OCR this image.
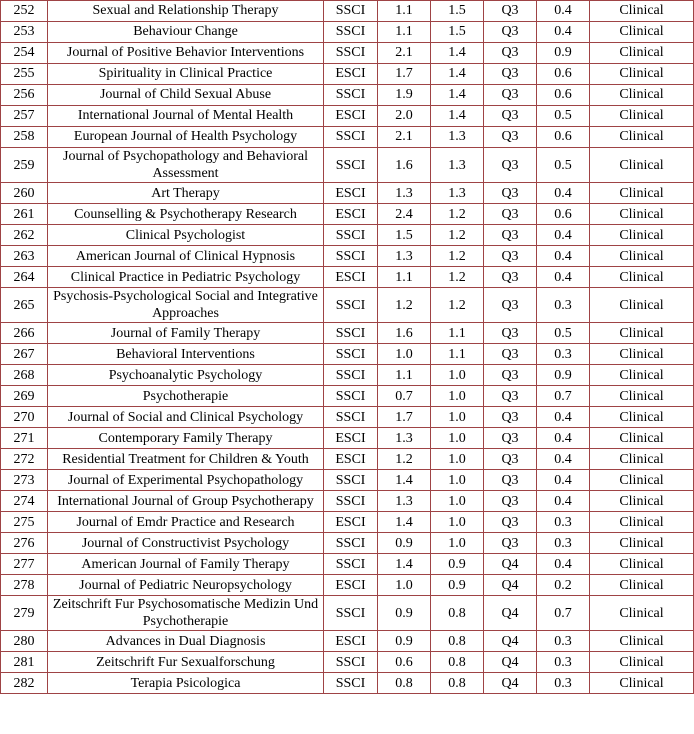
252	Sexual and Relationship Therapy	SSCI	1.1	1.5	Q3	0.4	Clinical
253	Behaviour Change	SSCI	1.1	1.5	Q3	0.4	Clinical
254	Journal of Positive Behavior Interventions	SSCI	2.1	1.4	Q3	0.9	Clinical
255	Spirituality in Clinical Practice	ESCI	1.7	1.4	Q3	0.6	Clinical
256	Journal of Child Sexual Abuse	SSCI	1.9	1.4	Q3	0.6	Clinical
257	International Journal of Mental Health	ESCI	2.0	1.4	Q3	0.5	Clinical
258	European Journal of Health Psychology	SSCI	2.1	1.3	Q3	0.6	Clinical
259	Journal of Psychopathology and Behavioral Assessment	SSCI	1.6	1.3	Q3	0.5	Clinical
260	Art Therapy	ESCI	1.3	1.3	Q3	0.4	Clinical
261	Counselling & Psychotherapy Research	ESCI	2.4	1.2	Q3	0.6	Clinical
262	Clinical Psychologist	SSCI	1.5	1.2	Q3	0.4	Clinical
263	American Journal of Clinical Hypnosis	SSCI	1.3	1.2	Q3	0.4	Clinical
264	Clinical Practice in Pediatric Psychology	ESCI	1.1	1.2	Q3	0.4	Clinical
265	Psychosis-Psychological Social and Integrative Approaches	SSCI	1.2	1.2	Q3	0.3	Clinical
266	Journal of Family Therapy	SSCI	1.6	1.1	Q3	0.5	Clinical
267	Behavioral Interventions	SSCI	1.0	1.1	Q3	0.3	Clinical
268	Psychoanalytic Psychology	SSCI	1.1	1.0	Q3	0.9	Clinical
269	Psychotherapie	SSCI	0.7	1.0	Q3	0.7	Clinical
270	Journal of Social and Clinical Psychology	SSCI	1.7	1.0	Q3	0.4	Clinical
271	Contemporary Family Therapy	ESCI	1.3	1.0	Q3	0.4	Clinical
272	Residential Treatment for Children & Youth	ESCI	1.2	1.0	Q3	0.4	Clinical
273	Journal of Experimental Psychopathology	SSCI	1.4	1.0	Q3	0.4	Clinical
274	International Journal of Group Psychotherapy	SSCI	1.3	1.0	Q3	0.4	Clinical
275	Journal of Emdr Practice and Research	ESCI	1.4	1.0	Q3	0.3	Clinical
276	Journal of Constructivist Psychology	SSCI	0.9	1.0	Q3	0.3	Clinical
277	American Journal of Family Therapy	SSCI	1.4	0.9	Q4	0.4	Clinical
278	Journal of Pediatric Neuropsychology	ESCI	1.0	0.9	Q4	0.2	Clinical
279	Zeitschrift Fur Psychosomatische Medizin Und Psychotherapie	SSCI	0.9	0.8	Q4	0.7	Clinical
280	Advances in Dual Diagnosis	ESCI	0.9	0.8	Q4	0.3	Clinical
281	Zeitschrift Fur Sexualforschung	SSCI	0.6	0.8	Q4	0.3	Clinical
282	Terapia Psicologica	SSCI	0.8	0.8	Q4	0.3	Clinical
